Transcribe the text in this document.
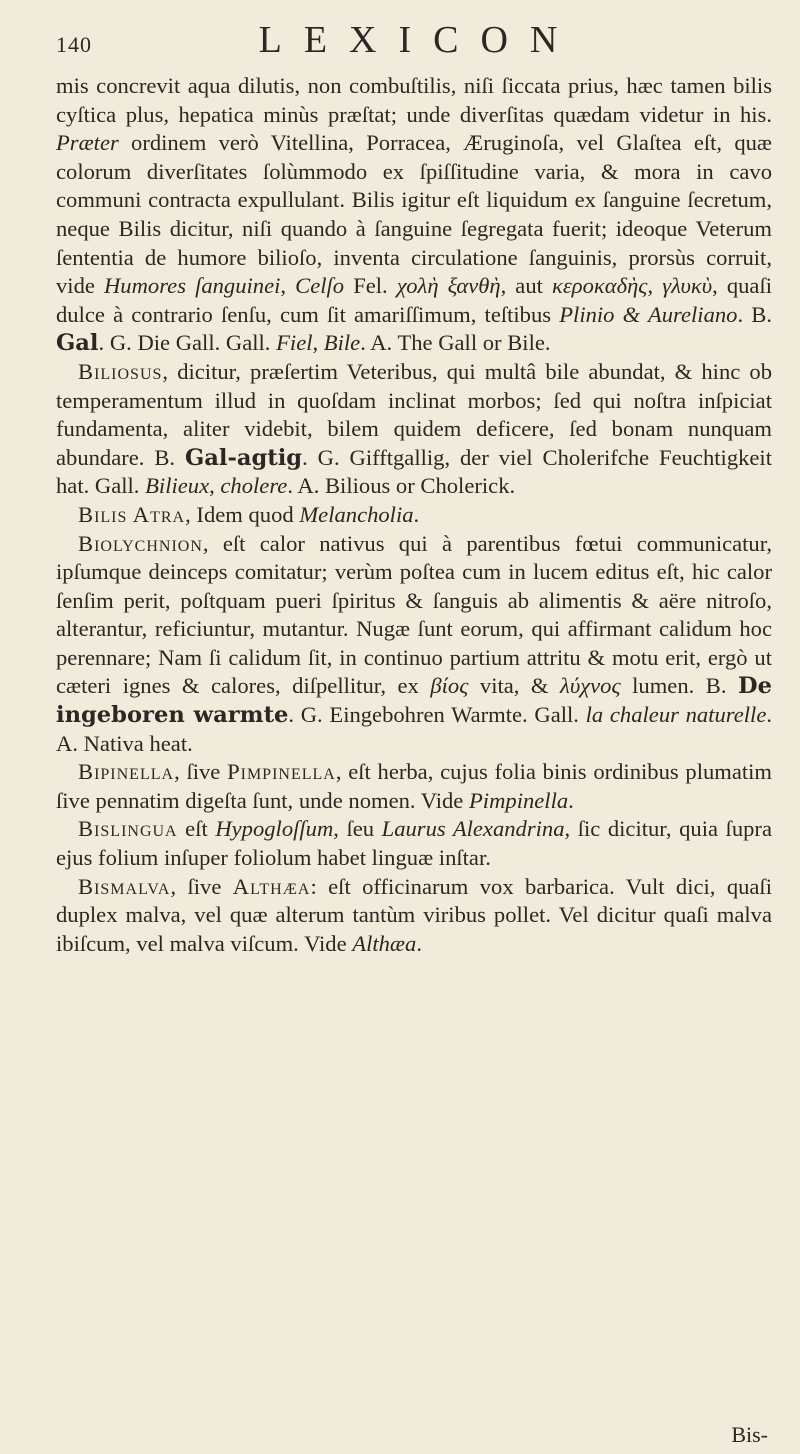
140	LEXICON

mis concrevit aqua dilutis, non combuſtilis, niſi ſiccata prius, hæc tamen bilis cyſtica plus, hepatica minùs præſtat; unde diverſitas quædam videtur in his. Præter ordinem verò Vitellina, Porracea, Æruginoſa, vel Glaſtea eſt, quæ colorum diverſitates ſolùmmodo ex ſpiſſitudine varia, & mora in cavo communi contracta expullulant. Bilis igitur eſt liquidum ex ſanguine ſecretum, neque Bilis dicitur, niſi quando à ſanguine ſegregata fuerit; ideoque Veterum ſententia de humore bilioſo, inventa circulatione ſanguinis, prorsùs corruit, vide Humores ſanguinei, Celſo Fel. χολὴ ξανθὴ, aut κεροκαδὴς, γλυκὺ, quaſi dulce à contrario ſenſu, cum ſit amariſſimum, teſtibus Plinio & Aureliano. B. Gal. G. Die Gall. Gall. Fiel, Bile. A. The Gall or Bile.

Biliosus, dicitur, præſertim Veteribus, qui multâ bile abundat, & hinc ob temperamentum illud in quoſdam inclinat morbos; ſed qui noſtra inſpiciat fundamenta, aliter videbit, bilem quidem deficere, ſed bonam nunquam abundare. B. Gal-agtig. G. Gifftgallig, der viel Cholerifche Feuchtigkeit hat. Gall. Bilieux, cholere. A. Bilious or Cholerick.

Bilis Atra, Idem quod Melancholia.

Biolychnion, eſt calor nativus qui à parentibus fœtui communicatur, ipſumque deinceps comitatur; verùm poſtea cum in lucem editus eſt, hic calor ſenſim perit, poſtquam pueri ſpiritus & ſanguis ab alimentis & aëre nitroſo, alterantur, reficiuntur, mutantur. Nugæ ſunt eorum, qui affirmant calidum hoc perennare; Nam ſi calidum ſit, in continuo partium attritu & motu erit, ergò ut cæteri ignes & calores, diſpellitur, ex βίος vita, & λύχνος lumen. B. De ingeboren warmte. G. Eingebohren Warmte. Gall. la chaleur naturelle. A. Nativa heat.

Bipinella, ſive Pimpinella, eſt herba, cujus folia binis ordinibus plumatim ſive pennatim digeſta ſunt, unde nomen. Vide Pimpinella.

Bislingua eſt Hypogloſſum, ſeu Laurus Alexandrina, ſic dicitur, quia ſupra ejus folium inſuper foliolum habet linguæ inſtar.

Bismalva, ſive Althæa: eſt officinarum vox barbarica. Vult dici, quaſi duplex malva, vel quæ alterum tantùm viribus pollet. Vel dicitur quaſi malva ibiſcum, vel malva viſcum. Vide Althæa.

Bis-
